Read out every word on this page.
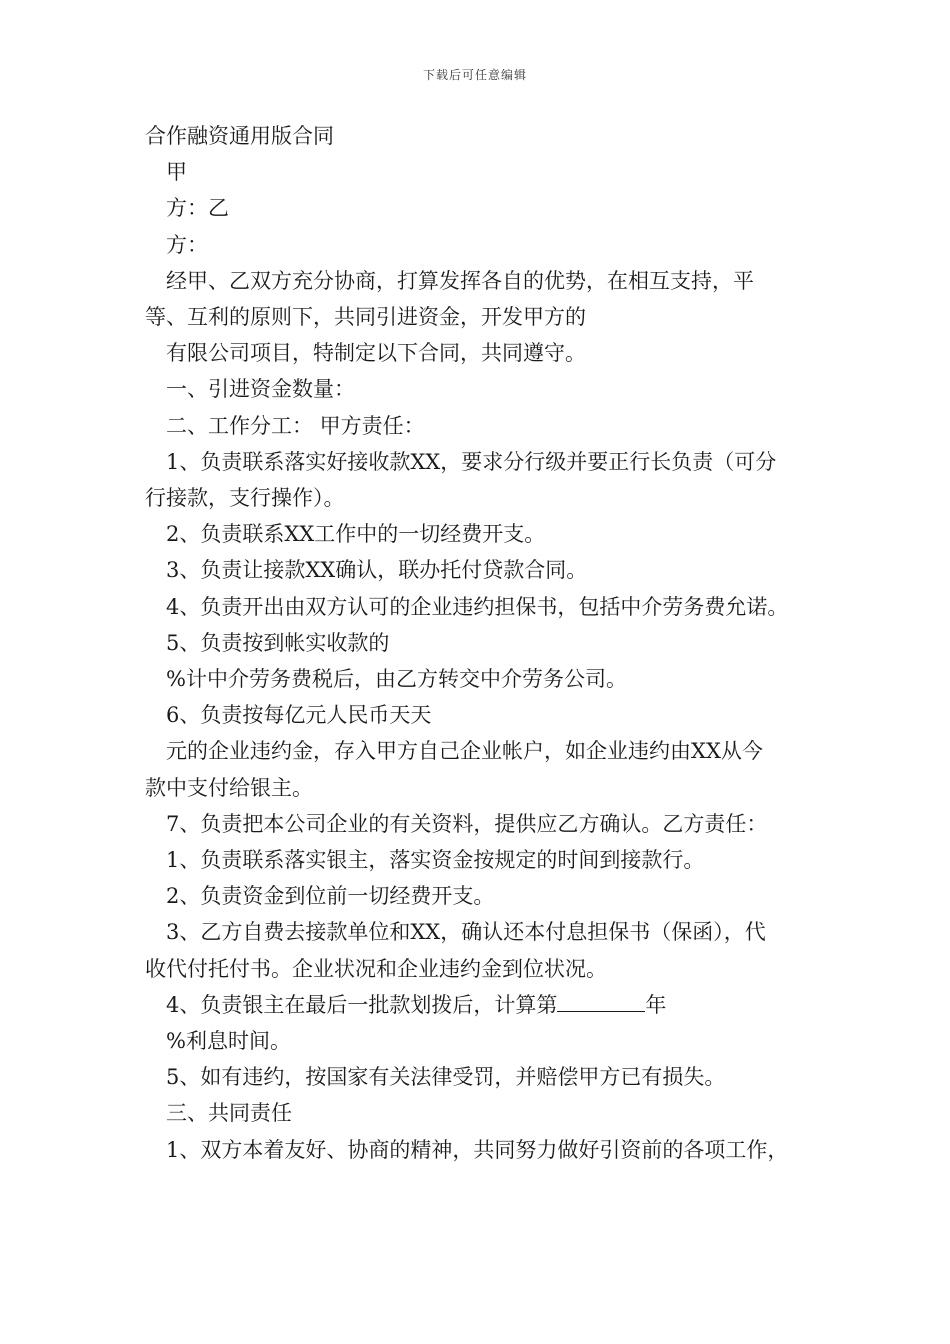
下载后可任意编辑
合作融资通用版合同
甲
方：乙
方：
经甲、乙双方充分协商，打算发挥各自的优势，在相互支持，平
等、互利的原则下，共同引进资金，开发甲方的
有限公司项目，特制定以下合同，共同遵守。
一、引进资金数量：
二、工作分工： 甲方责任：
1、负责联系落实好接收款XX，要求分行级并要正行长负责（可分
行接款，支行操作）。
2、负责联系XX工作中的一切经费开支。
3、负责让接款XX确认，联办托付贷款合同。
4、负责开出由双方认可的企业违约担保书，包括中介劳务费允诺。
5、负责按到帐实收款的
%计中介劳务费税后，由乙方转交中介劳务公司。
6、负责按每亿元人民币天天
元的企业违约金，存入甲方自己企业帐户，如企业违约由XX从今
款中支付给银主。
7、负责把本公司企业的有关资料，提供应乙方确认。乙方责任：
1、负责联系落实银主，落实资金按规定的时间到接款行。
2、负责资金到位前一切经费开支。
3、乙方自费去接款单位和XX，确认还本付息担保书（保函），代
收代付托付书。企业状况和企业违约金到位状况。
4、负责银主在最后一批款划拨后，计算第	年
%利息时间。
5、如有违约，按国家有关法律受罚，并赔偿甲方已有损失。
三、共同责任
1、双方本着友好、协商的精神，共同努力做好引资前的各项工作，
